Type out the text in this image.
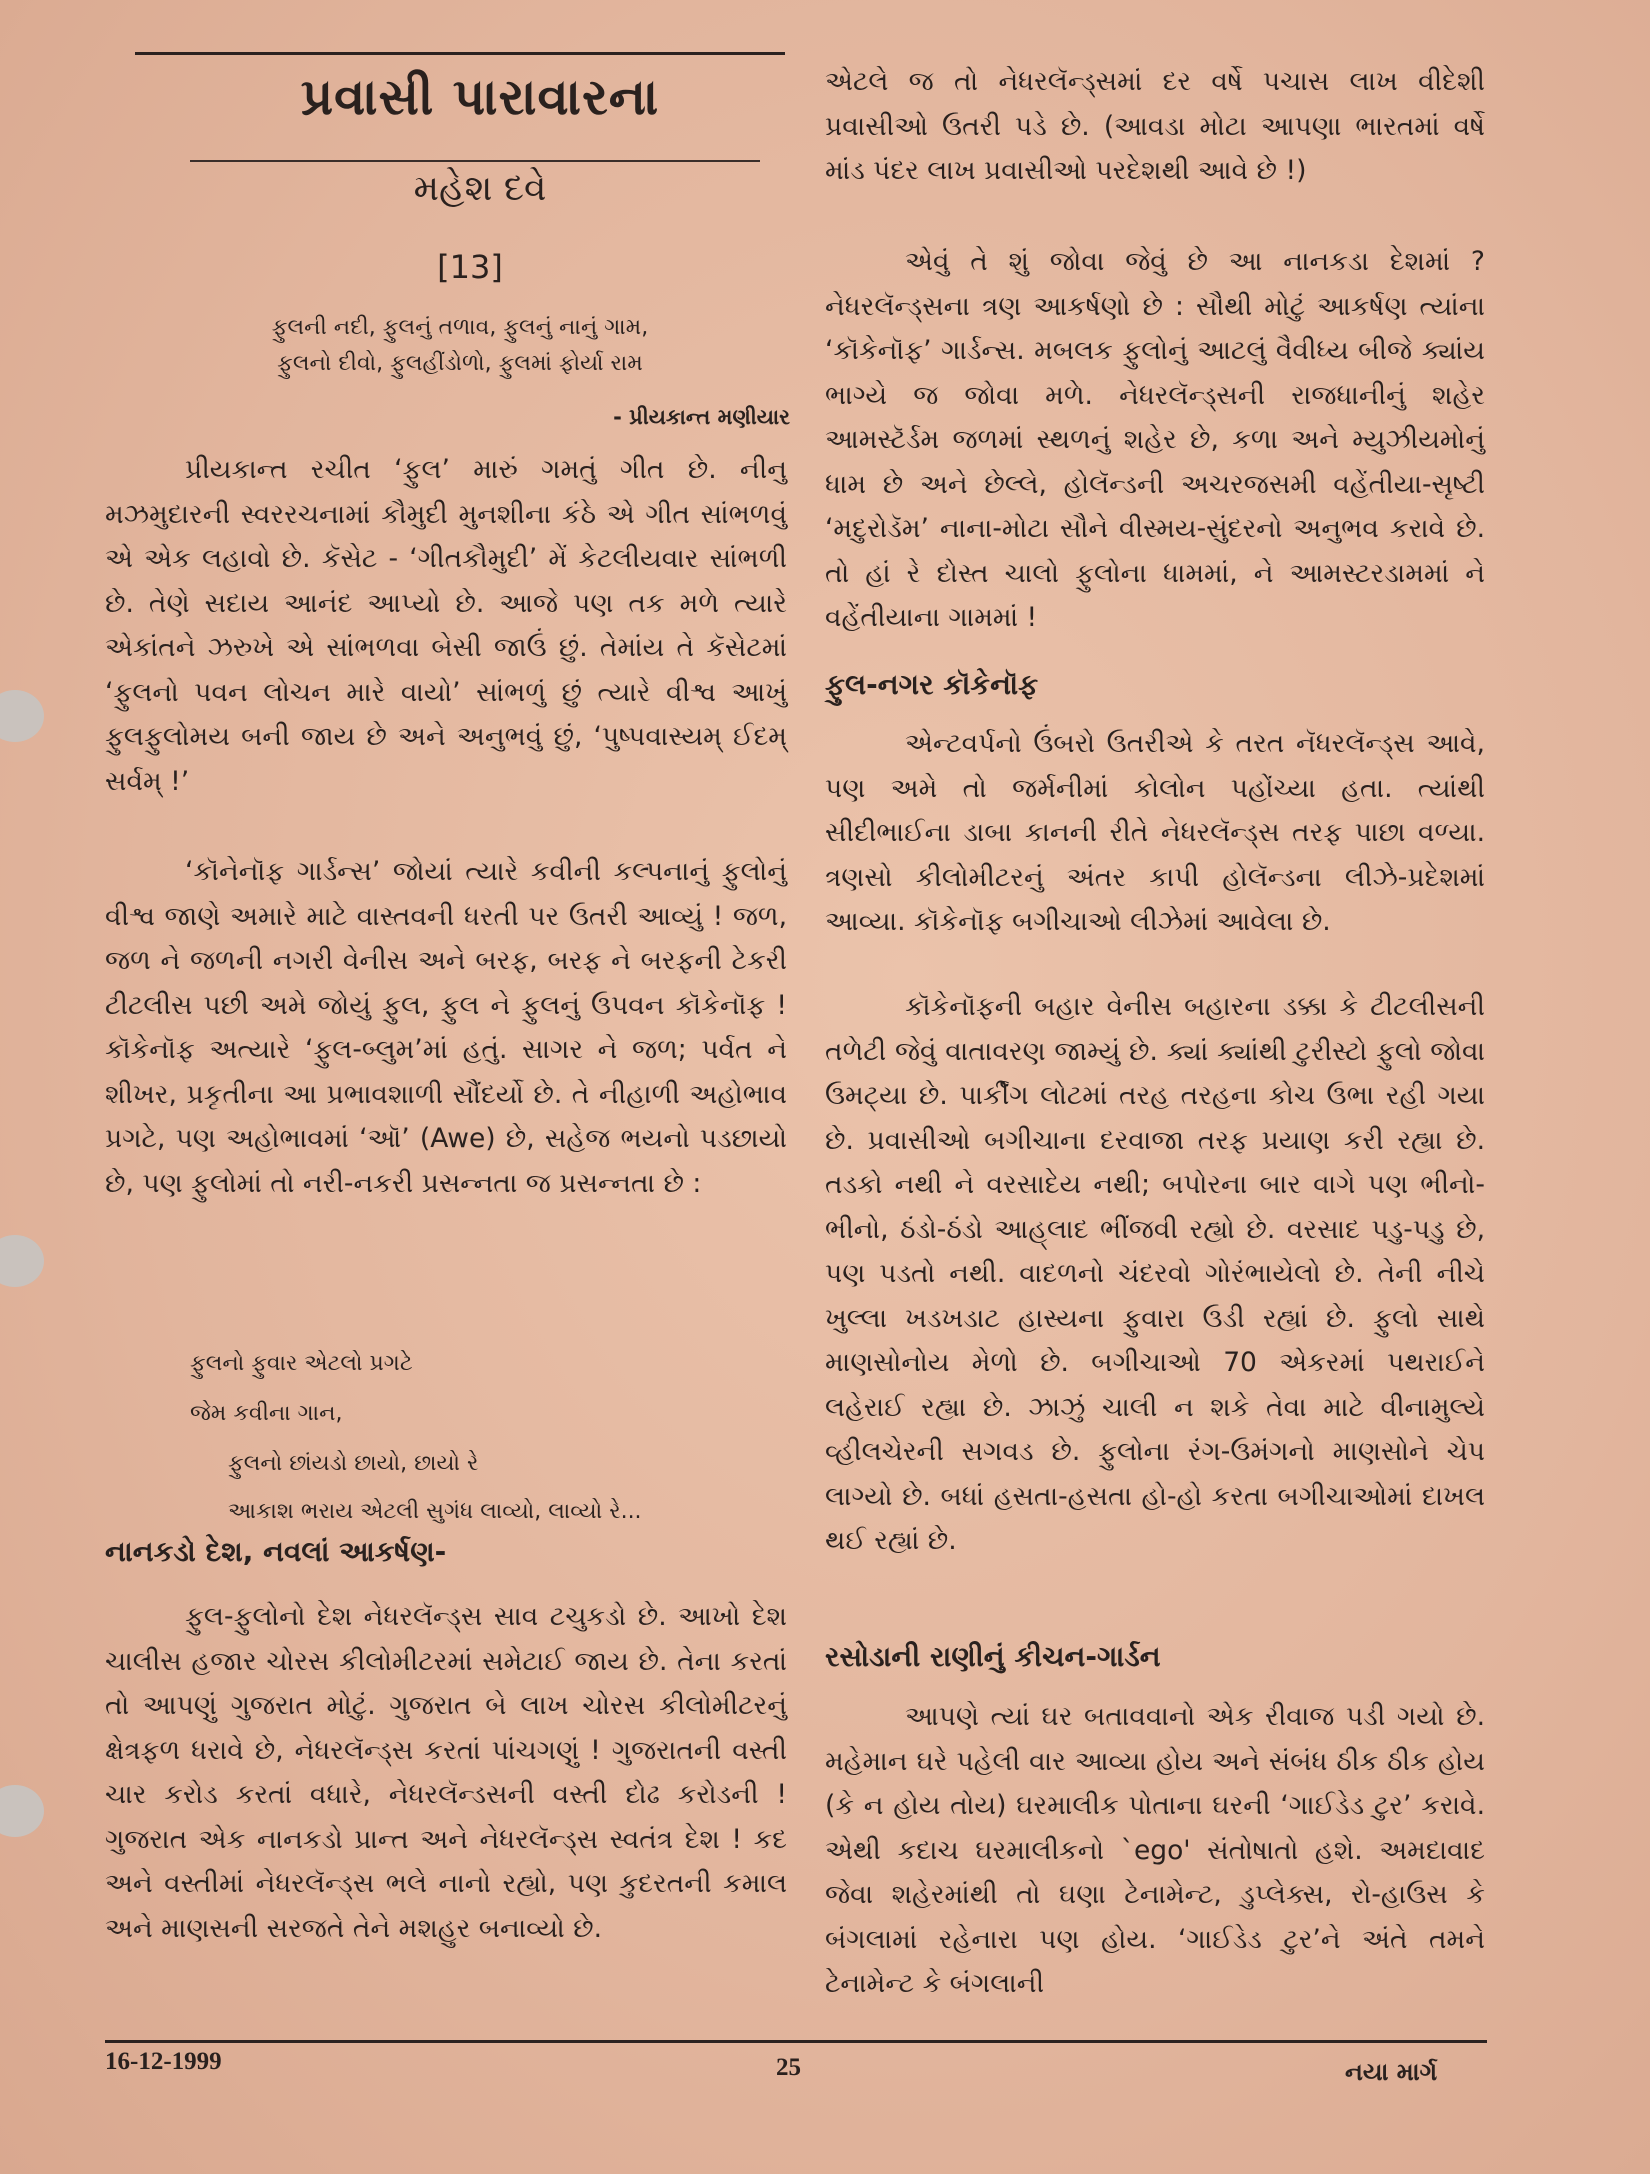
પ્રવાસી પારાવારના
મહેશ દવે
[13]
ફુલની નદી, ફુલનું તળાવ, ફુલનું નાનું ગામ,
ફુલનો દીવો, ફુલહીંડોળો, ફુલમાં ફોર્યા રામ
- પ્રીયકાન્ત મણીયાર
પ્રીયકાન્ત રચીત ‘ફુલ’ મારું ગમતું ગીત છે. નીનુ મઝમુદારની સ્વરરચનામાં કૌમુદી મુનશીના કંઠે એ ગીત સાંભળવું એ એક લહાવો છે. કૅસેટ - ‘ગીતકૌમુદી’ મેં કેટલીયવાર સાંભળી છે. તેણે સદાય આનંદ આપ્યો છે. આજે પણ તક મળે ત્યારે એકાંતને ઝરુખે એ સાંભળવા બેસી જાઉં છું. તેમાંય તે કૅસેટમાં ‘ફુલનો પવન લોચન મારે વાયો’ સાંભળું છું ત્યારે વીશ્વ આખું ફુલફુલોમય બની જાય છે અને અનુભવું છું, ‘પુષ્પવાસ્યમ્ ઈદમ્ સર્વમ્ !’
‘કૉનેનૉફ ગાર્ડન્સ’ જોયાં ત્યારે કવીની કલ્પનાનું ફુલોનું વીશ્વ જાણે અમારે માટે વાસ્તવની ધરતી પર ઉતરી આવ્યું ! જળ, જળ ને જળની નગરી વેનીસ અને બરફ, બરફ ને બરફની ટેકરી ટીટલીસ પછી અમે જોયું ફુલ, ફુલ ને ફુલનું ઉપવન કૉકેનૉફ ! કૉકેનૉફ અત્યારે ‘ફુલ-બ્લુમ’માં હતું. સાગર ને જળ; પર્વત ને શીખર, પ્રકૃતીના આ પ્રભાવશાળી સૌંદર્યો છે. તે નીહાળી અહોભાવ પ્રગટે, પણ અહોભાવમાં ‘ઑ’ (Awe) છે, સહેજ ભયનો પડછાયો છે, પણ ફુલોમાં તો નરી-નકરી પ્રસન્નતા જ પ્રસન્નતા છે :
ફુલનો ફુવાર એટલો પ્રગટે
જેમ કવીના ગાન,
ફુલનો છાંયડો છાયો, છાયો રે
આકાશ ભરાય એટલી સુગંધ લાવ્યો, લાવ્યો રે...
નાનકડો દેશ, નવલાં આકર્ષણ-
ફુલ-ફુલોનો દેશ નેધરલૅન્ડ્સ સાવ ટચુકડો છે. આખો દેશ ચાલીસ હજાર ચોરસ કીલોમીટરમાં સમેટાઈ જાય છે. તેના કરતાં તો આપણું ગુજરાત મોટું. ગુજરાત બે લાખ ચોરસ કીલોમીટરનું ક્ષેત્રફળ ધરાવે છે, નેધરલૅન્ડ્સ કરતાં પાંચગણું ! ગુજરાતની વસ્તી ચાર કરોડ કરતાં વધારે, નેધરલૅન્ડસની વસ્તી દોઢ કરોડની ! ગુજરાત એક નાનકડો પ્રાન્ત અને નેધરલૅન્ડ્સ સ્વતંત્ર દેશ ! કદ અને વસ્તીમાં નેધરલૅન્ડ્સ ભલે નાનો રહ્યો, પણ કુદરતની કમાલ અને માણસની સરજતે તેને મશહુર બનાવ્યો છે.
એટલે જ તો નેધરલૅન્ડ્સમાં દર વર્ષે પચાસ લાખ વીદેશી પ્રવાસીઓ ઉતરી પડે છે. (આવડા મોટા આપણા ભારતમાં વર્ષે માંડ પંદર લાખ પ્રવાસીઓ પરદેશથી આવે છે !)
એવું તે શું જોવા જેવું છે આ નાનકડા દેશમાં ? નેધરલૅન્ડ્સના ત્રણ આકર્ષણો છે : સૌથી મોટું આકર્ષણ ત્યાંના ‘કૉકેનૉફ’ ગાર્ડન્સ. મબલક ફુલોનું આટલું વૈવીધ્ય બીજે ક્યાંય ભાગ્યે જ જોવા મળે. નેધરલૅન્ડ્સની રાજધાનીનું શહેર આમસ્ટૅર્ડમ જળમાં સ્થળનું શહેર છે, કળા અને મ્યુઝીયમોનું ધામ છે અને છેલ્લે, હોલૅન્ડની અચરજસમી વહેંતીયા-સૃષ્ટી ‘મદુરોડૅમ’ નાના-મોટા સૌને વીસ્મય-સુંદરનો અનુભવ કરાવે છે. તો હાં રે દોસ્ત ચાલો ફુલોના ધામમાં, ને આમસ્ટરડામમાં ને વહેંતીયાના ગામમાં !
ફુલ-નગર કૉકેનૉફ
એન્ટવર્પનો ઉંબરો ઉતરીએ કે તરત નૅધરલૅન્ડ્સ આવે, પણ અમે તો જર્મનીમાં કોલોન પહોંચ્યા હતા. ત્યાંથી સીદીભાઈના ડાબા કાનની રીતે નેધરલૅન્ડ્સ તરફ પાછા વળ્યા. ત્રણસો કીલોમીટરનું અંતર કાપી હોલૅન્ડના લીઝે-પ્રદેશમાં આવ્યા. કૉકેનૉફ બગીચાઓ લીઝેમાં આવેલા છે.
કૉકેનૉફની બહાર વેનીસ બહારના ડક્કા કે ટીટલીસની તળેટી જેવું વાતાવરણ જામ્યું છે. ક્યાં ક્યાંથી ટુરીસ્ટો ફુલો જોવા ઉમટ્યા છે. પાર્કીંગ લોટમાં તરહ તરહના કોચ ઉભા રહી ગયા છે. પ્રવાસીઓ બગીચાના દરવાજા તરફ પ્રયાણ કરી રહ્યા છે. તડકો નથી ને વરસાદેય નથી; બપોરના બાર વાગે પણ ભીનો-ભીનો, ઠંડો-ઠંડો આહ્‌લાદ ભીંજવી રહ્યો છે. વરસાદ પડુ-પડુ છે, પણ પડતો નથી. વાદળનો ચંદરવો ગોરંભાયેલો છે. તેની નીચે ખુલ્લા ખડખડાટ હાસ્યના ફુવારા ઉડી રહ્યાં છે. ફુલો સાથે માણસોનોય મેળો છે. બગીચાઓ 70 એકરમાં પથરાઈને લહેરાઈ રહ્યા છે. ઝાઝું ચાલી ન શકે તેવા માટે વીનામુલ્યે વ્હીલચેરની સગવડ છે. ફુલોના રંગ-ઉમંગનો માણસોને ચેપ લાગ્યો છે. બધાં હસતા-હસતા હો-હો કરતા બગીચાઓમાં દાખલ થઈ રહ્યાં છે.
રસોડાની રાણીનું કીચન-ગાર્ડન
આપણે ત્યાં ઘર બતાવવાનો એક રીવાજ પડી ગયો છે. મહેમાન ઘરે પહેલી વાર આવ્યા હોય અને સંબંધ ઠીક ઠીક હોય (કે ન હોય તોય) ઘરમાલીક પોતાના ઘરની ‘ગાઈડેડ ટુર’ કરાવે. એથી કદાચ ઘરમાલીકનો `ego' સંતોષાતો હશે. અમદાવાદ જેવા શહેરમાંથી તો ઘણા ટેનામેન્ટ, ડુપ્લેક્સ, રો-હાઉસ કે બંગલામાં રહેનારા પણ હોય. ‘ગાઈડેડ ટુર’ને અંતે તમને ટેનામેન્ટ કે બંગલાની
16-12-1999	25	નયા માર્ગ
